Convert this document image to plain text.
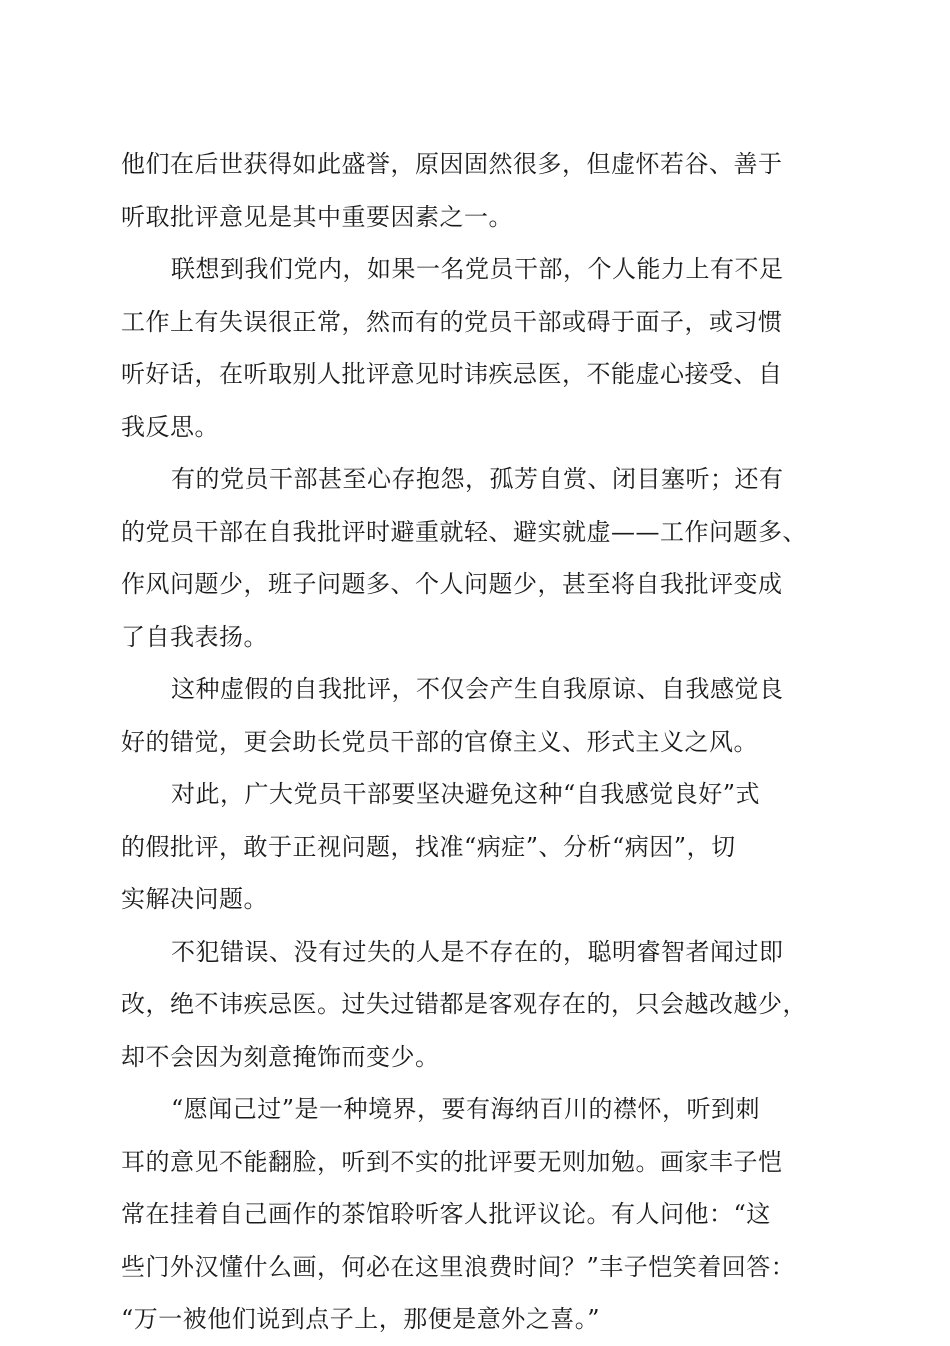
他们在后世获得如此盛誉，原因固然很多，但虚怀若谷、善于
听取批评意见是其中重要因素之一。
联想到我们党内，如果一名党员干部，个人能力上有不足
工作上有失误很正常，然而有的党员干部或碍于面子，或习惯
听好话，在听取别人批评意见时讳疾忌医，不能虚心接受、自
我反思。
有的党员干部甚至心存抱怨，孤芳自赏、闭目塞听；还有
的党员干部在自我批评时避重就轻、避实就虚——工作问题多、
作风问题少，班子问题多、个人问题少，甚至将自我批评变成
了自我表扬。
这种虚假的自我批评，不仅会产生自我原谅、自我感觉良
好的错觉，更会助长党员干部的官僚主义、形式主义之风。
对此，广大党员干部要坚决避免这种“自我感觉良好”式
的假批评，敢于正视问题，找准“病症”、分析“病因”，切
实解决问题。
不犯错误、没有过失的人是不存在的，聪明睿智者闻过即
改，绝不讳疾忌医。过失过错都是客观存在的，只会越改越少，
却不会因为刻意掩饰而变少。
“愿闻己过”是一种境界，要有海纳百川的襟怀，听到刺
耳的意见不能翻脸，听到不实的批评要无则加勉。画家丰子恺
常在挂着自己画作的茶馆聆听客人批评议论。有人问他：“这
些门外汉懂什么画，何必在这里浪费时间？”丰子恺笑着回答：
“万一被他们说到点子上，那便是意外之喜。”
